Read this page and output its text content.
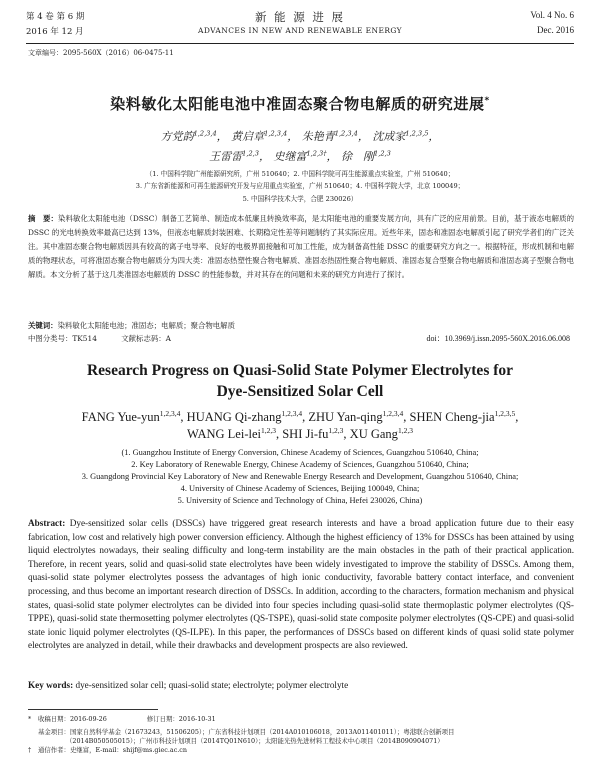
第 4 卷 第 6 期
2016 年 12 月
新 能 源 进 展
ADVANCES IN NEW AND RENEWABLE ENERGY
Vol. 4 No. 6
Dec. 2016
文章编号：2095-560X（2016）06-0475-11
染料敏化太阳能电池中准固态聚合物电解质的研究进展*
方党韵$^{1,2,3,4}$， 黄启章$^{1,2,3,4}$， 朱艳青$^{1,2,3,4}$， 沈成家$^{1,2,3,5}$，
王雷雷$^{1,2,3}$， 史继富$^{1,2,3\dagger}$， 徐　刚$^{1,2,3}$
（1. 中国科学院广州能源研究所，广州 510640；2. 中国科学院可再生能源重点实验室，广州 510640；
3. 广东省新能源和可再生能源研究开发与应用重点实验室，广州 510640；4. 中国科学院大学，北京 100049；
5. 中国科学技术大学，合肥 230026）

摘　要：染料敏化太阳能电池（DSSC）制备工艺简单、制造成本低廉且转换效率高，是太阳能电池的重要发展方向，具有广泛的应用前景。目前，基于液态电解质的 DSSC 的光电转换效率最高已达到 13%，但液态电解质封装困难、长期稳定性差等问题制约了其实际应用。近些年来，固态和准固态电解质引起了研究学者们的广泛关注。其中准固态聚合物电解质因具有较高的离子电导率、良好的电极界面接触和可加工性能，成为制备高性能 DSSC 的重要研究方向之一。根据特征，形成机制和电解质的物理状态，可将准固态聚合物电解质分为四大类：准固态热塑性聚合物电解质、准固态热固性聚合物电解质、准固态复合型聚合物电解质和准固态离子型聚合物电解质。本文分析了基于这几类准固态电解质的 DSSC 的性能参数，并对其存在的问题和未来的研究方向进行了探讨。

关键词：染料敏化太阳能电池；准固态；电解质；聚合物电解质

中图分类号：TK514	文献标志码：A	doi：10.3969/j.issn.2095-560X.2016.06.008
Research Progress on Quasi-Solid State Polymer Electrolytes for
Dye-Sensitized Solar Cell
FANG Yue-yun$^{1,2,3,4}$, HUANG Qi-zhang$^{1,2,3,4}$, ZHU Yan-qing$^{1,2,3,4}$, SHEN Cheng-jia$^{1,2,3,5}$,
WANG Lei-lei$^{1,2,3}$, SHI Ji-fu$^{1,2,3}$, XU Gang$^{1,2,3}$
(1. Guangzhou Institute of Energy Conversion, Chinese Academy of Sciences, Guangzhou 510640, China;
2. Key Laboratory of Renewable Energy, Chinese Academy of Sciences, Guangzhou 510640, China;
3. Guangdong Provincial Key Laboratory of New and Renewable Energy Research and Development, Guangzhou 510640, China;
4. University of Chinese Academy of Sciences, Beijing 100049, China;
5. University of Science and Technology of China, Hefei 230026, China)

Abstract: Dye-sensitized solar cells (DSSCs) have triggered great research interests and have a broad application future due to their easy fabrication, low cost and relatively high power conversion efficiency. Although the highest efficiency of 13% for DSSCs has been attained by using liquid electrolytes nowadays, their sealing difficulty and long-term instability are the main obstacles in the path of their practical application. Therefore, in recent years, solid and quasi-solid state electrolytes have been widely investigated to improve the stability of DSSCs. Among them, quasi-solid state polymer electrolytes possess the advantages of high ionic conductivity, favorable battery contact interface, and convenient processing, and thus become an important research direction of DSSCs. In addition, according to the characters, formation mechanism and physical states, quasi-solid state polymer electrolytes can be divided into four species including quasi-solid state thermoplastic polymer electrolytes (QS-TPPE), quasi-solid state thermosetting polymer electrolytes (QS-TSPE), quasi-solid state composite polymer electrolytes (QS-CPE) and quasi-solid state ionic liquid polymer electrolytes (QS-ILPE). In this paper, the performances of DSSCs based on different kinds of quasi solid state polymer electrolytes are analyzed in detail, while their drawbacks and development prospects are also reviewed.

Key words: dye-sensitized solar cell; quasi-solid state; electrolyte; polymer electrolyte

* 收稿日期：2016-09-26	修订日期：2016-10-31
基金项目：国家自然科学基金（21673243，51506205）；广东省科技计划项目（2014A010106018，2013A011401011）；粤港联合创新项目
（2014B050505015）；广州市科技计划项目（2014TQ01N610）；太阳能光热先进材料工程技术中心项目（2014B090904071）
† 通信作者：史继富，E-mail：shijf@ms.giec.ac.cn
